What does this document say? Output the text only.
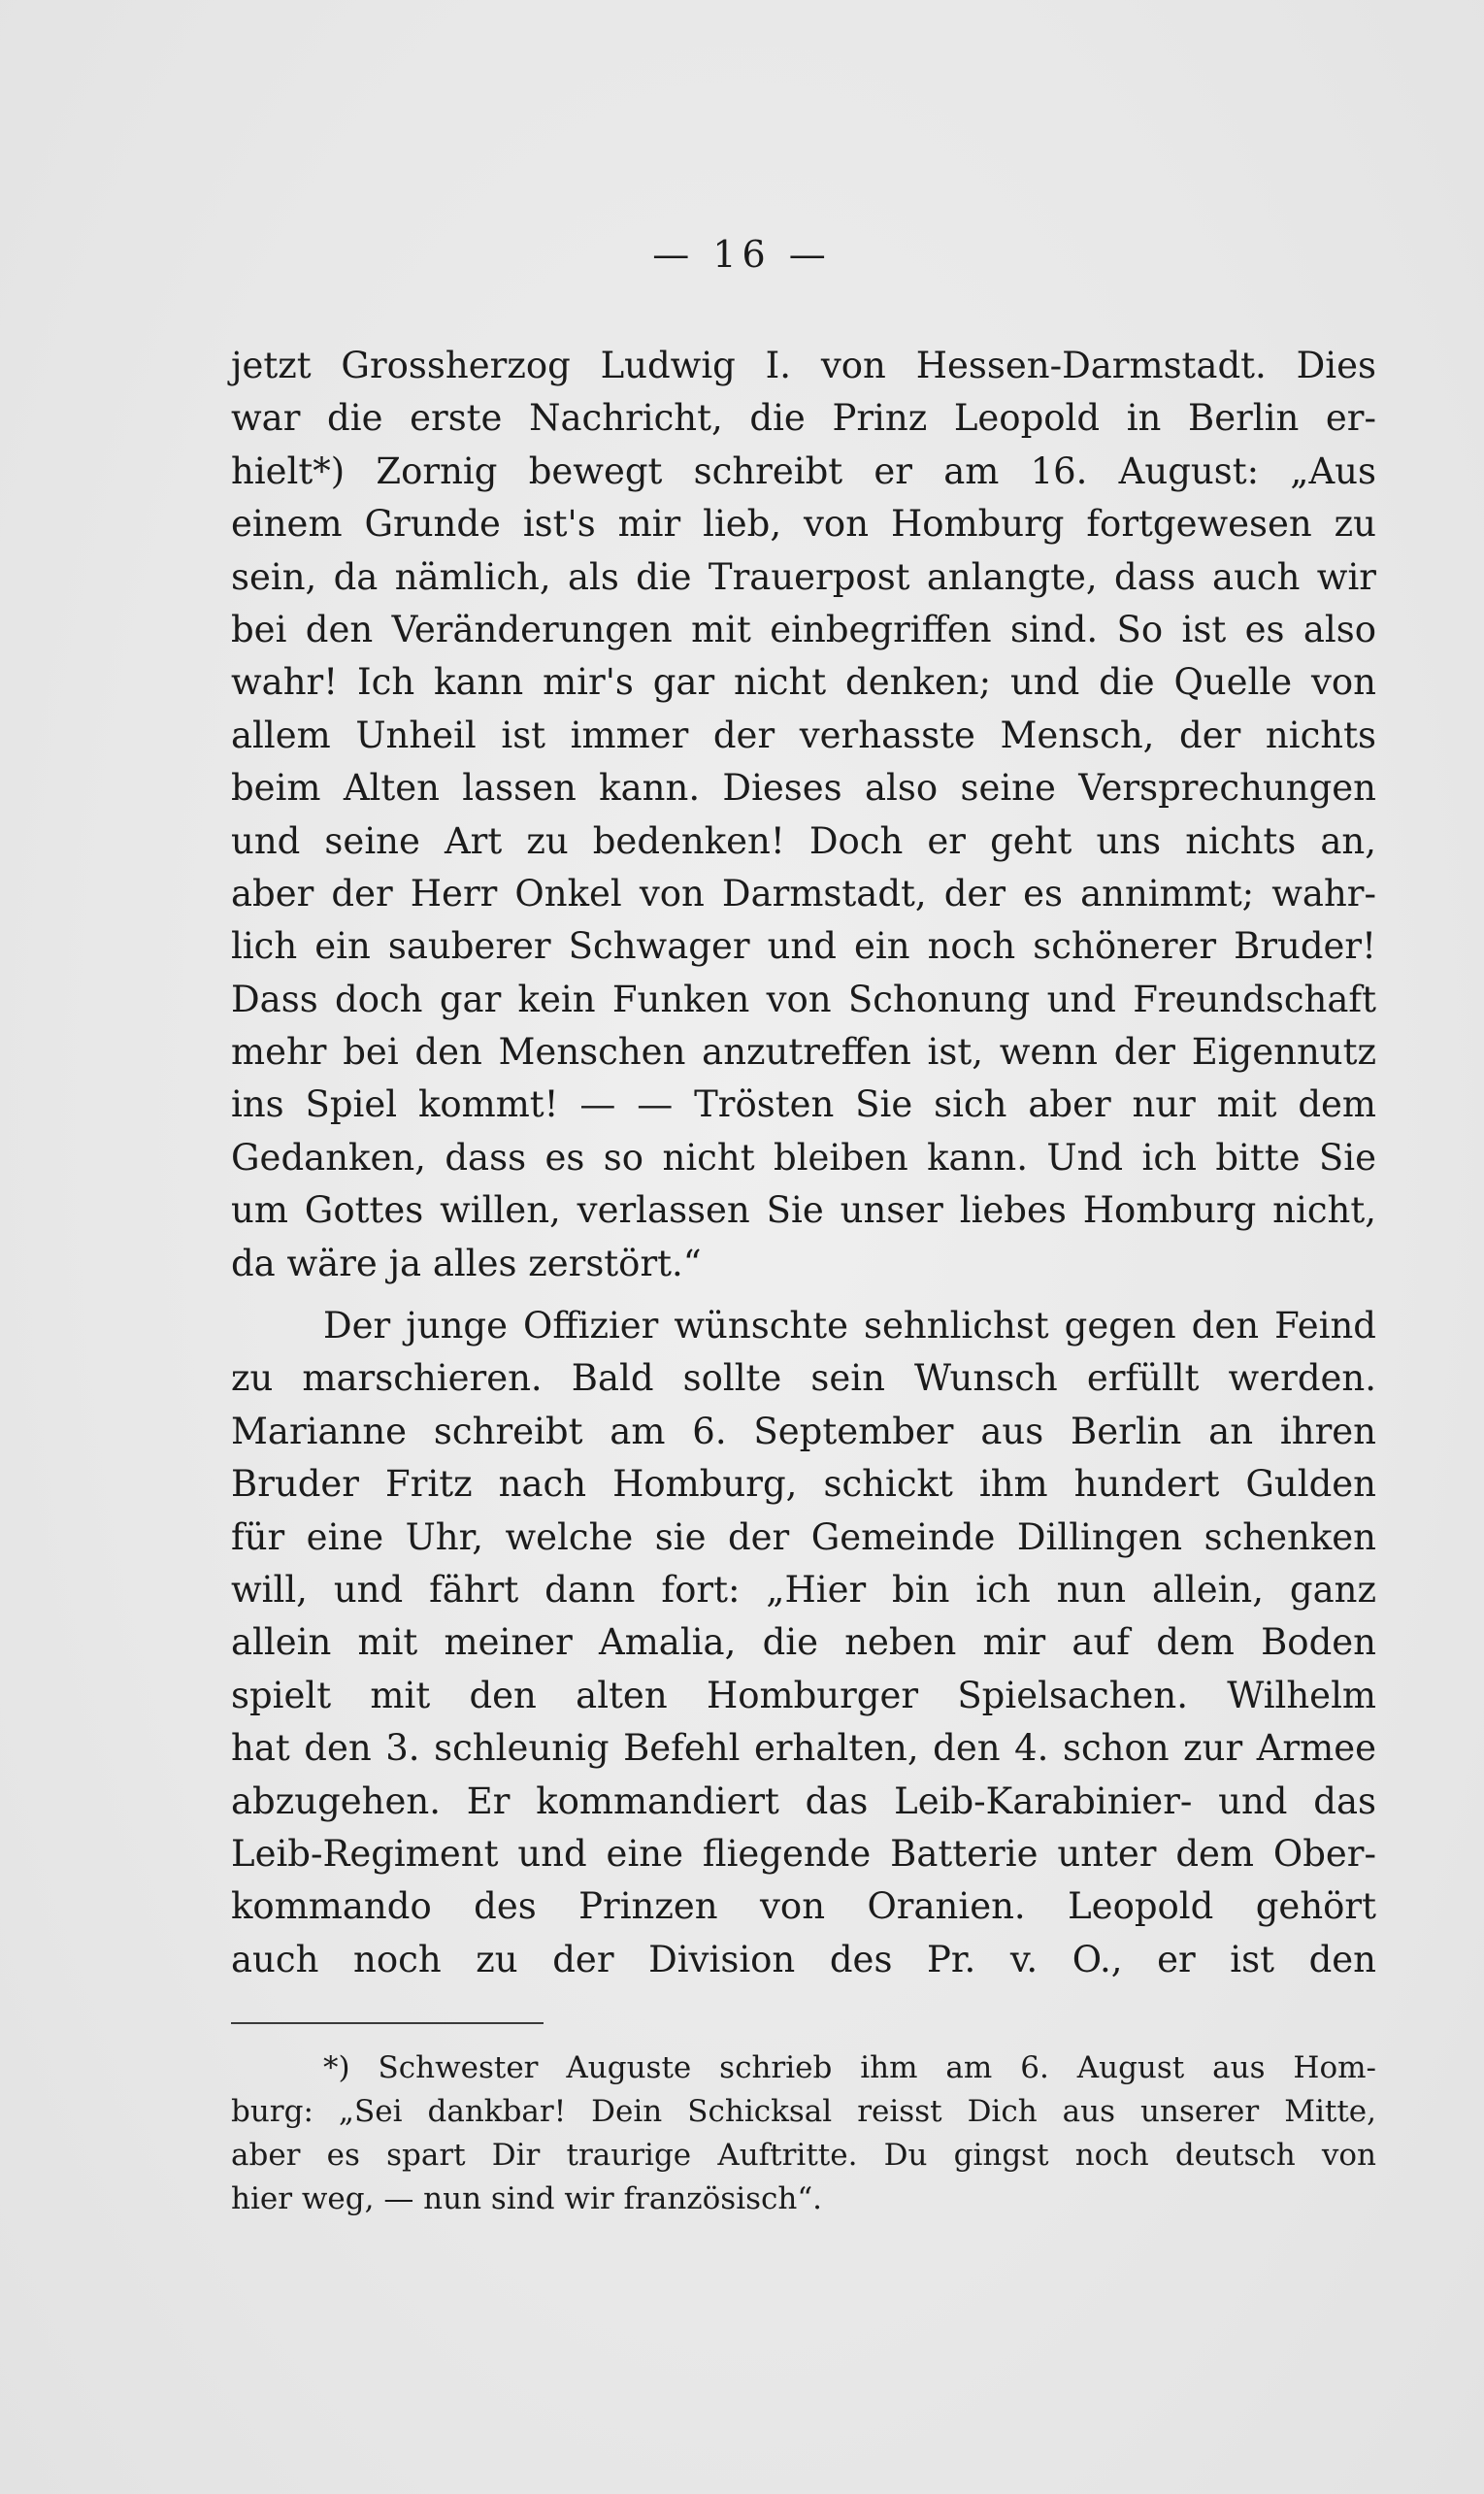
— 16 —
jetzt Grossherzog Ludwig I. von Hessen-Darmstadt. Dies
war die erste Nachricht, die Prinz Leopold in Berlin er-
hielt*) Zornig bewegt schreibt er am 16. August: „Aus
einem Grunde ist's mir lieb, von Homburg fortgewesen zu
sein, da nämlich, als die Trauerpost anlangte, dass auch wir
bei den Veränderungen mit einbegriffen sind. So ist es also
wahr! Ich kann mir's gar nicht denken; und die Quelle von
allem Unheil ist immer der verhasste Mensch, der nichts
beim Alten lassen kann. Dieses also seine Versprechungen
und seine Art zu bedenken! Doch er geht uns nichts an,
aber der Herr Onkel von Darmstadt, der es annimmt; wahr-
lich ein sauberer Schwager und ein noch schönerer Bruder!
Dass doch gar kein Funken von Schonung und Freundschaft
mehr bei den Menschen anzutreffen ist, wenn der Eigennutz
ins Spiel kommt! — — Trösten Sie sich aber nur mit dem
Gedanken, dass es so nicht bleiben kann. Und ich bitte Sie
um Gottes willen, verlassen Sie unser liebes Homburg nicht,
da wäre ja alles zerstört.“
Der junge Offizier wünschte sehnlichst gegen den Feind
zu marschieren. Bald sollte sein Wunsch erfüllt werden.
Marianne schreibt am 6. September aus Berlin an ihren
Bruder Fritz nach Homburg, schickt ihm hundert Gulden
für eine Uhr, welche sie der Gemeinde Dillingen schenken
will, und fährt dann fort: „Hier bin ich nun allein, ganz
allein mit meiner Amalia, die neben mir auf dem Boden
spielt mit den alten Homburger Spielsachen. Wilhelm
hat den 3. schleunig Befehl erhalten, den 4. schon zur Armee
abzugehen. Er kommandiert das Leib-Karabinier- und das
Leib-Regiment und eine fliegende Batterie unter dem Ober-
kommando des Prinzen von Oranien. Leopold gehört
auch noch zu der Division des Pr. v. O., er ist den
*) Schwester Auguste schrieb ihm am 6. August aus Hom-
burg: „Sei dankbar! Dein Schicksal reisst Dich aus unserer Mitte,
aber es spart Dir traurige Auftritte. Du gingst noch deutsch von
hier weg, — nun sind wir französisch“.
